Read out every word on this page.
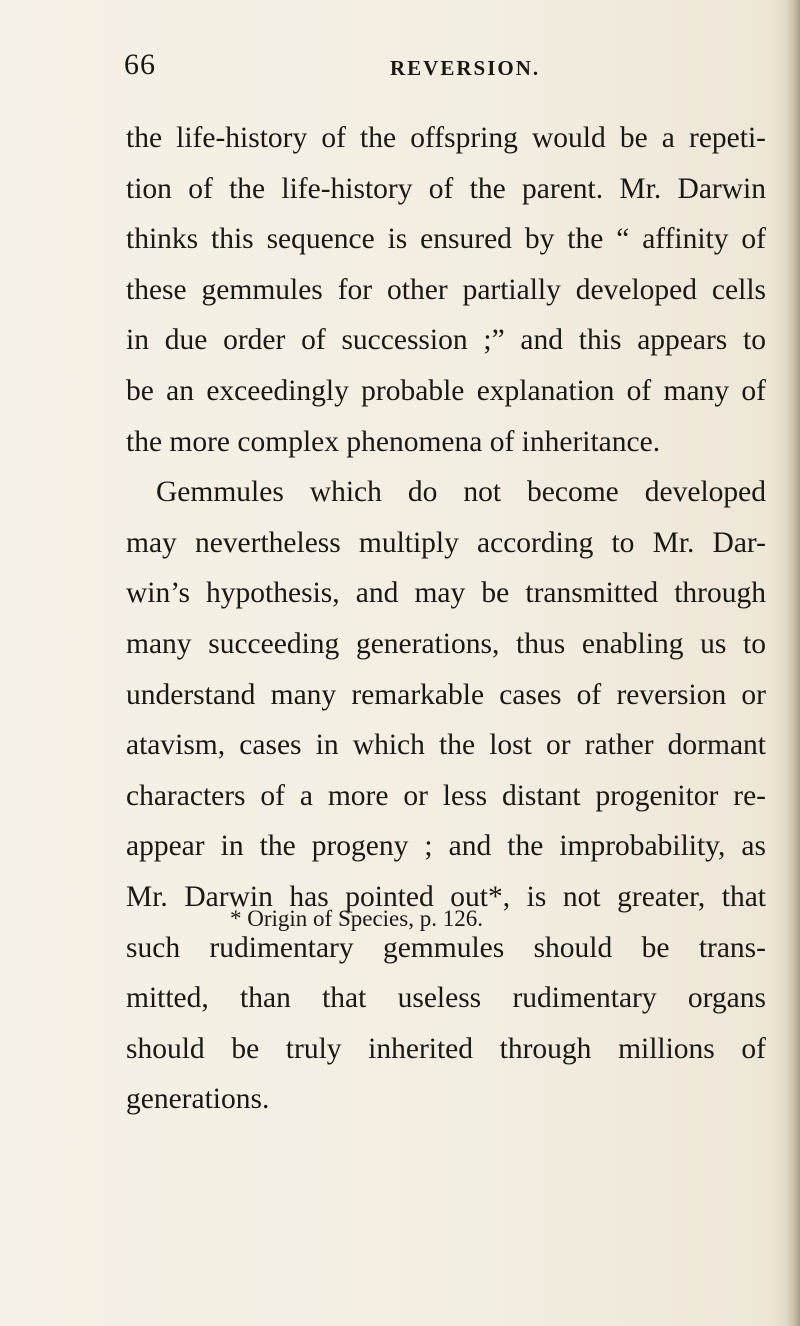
66	REVERSION.
the life-history of the offspring would be a repeti-
tion of the life-history of the parent. Mr. Darwin
thinks this sequence is ensured by the “ affinity of
these gemmules for other partially developed cells
in due order of succession ;” and this appears to
be an exceedingly probable explanation of many of
the more complex phenomena of inheritance.
Gemmules which do not become developed
may nevertheless multiply according to Mr. Dar-
win’s hypothesis, and may be transmitted through
many succeeding generations, thus enabling us to
understand many remarkable cases of reversion or
atavism, cases in which the lost or rather dormant
characters of a more or less distant progenitor re-
appear in the progeny ; and the improbability, as
Mr. Darwin has pointed out*, is not greater, that
such rudimentary gemmules should be trans-
mitted, than that useless rudimentary organs
should be truly inherited through millions of
generations.
* Origin of Species, p. 126.
